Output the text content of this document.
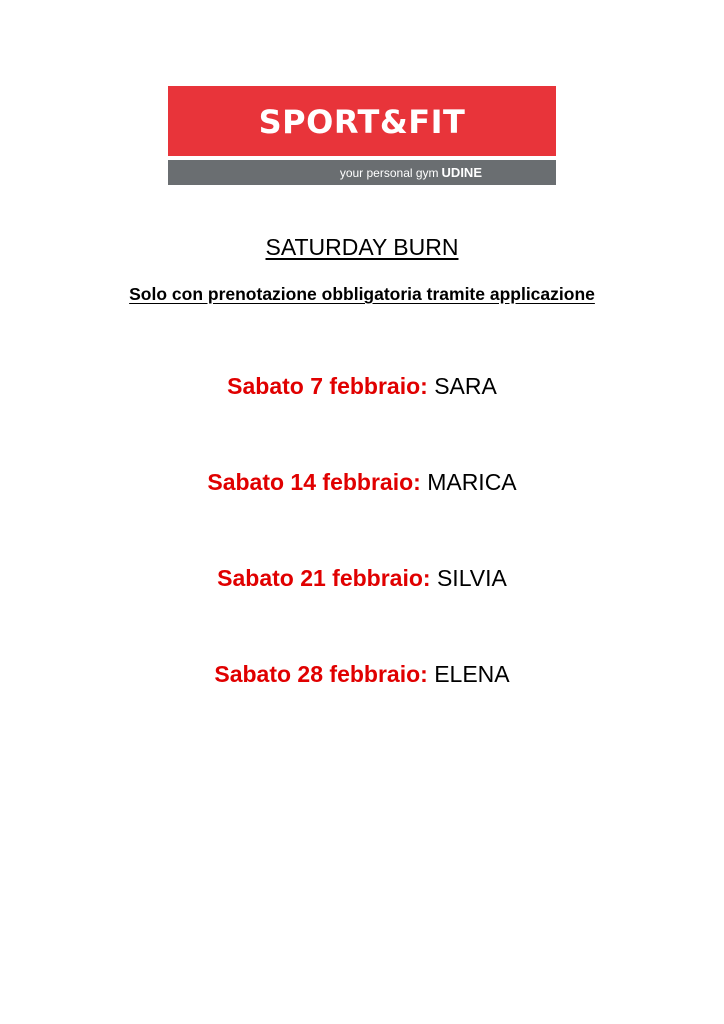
SPORT&FIT
your personal gym UDINE
SATURDAY BURN

Solo con prenotazione obbligatoria tramite applicazione

Sabato 7 febbraio: SARA
Sabato 14 febbraio: MARICA
Sabato 21 febbraio: SILVIA
Sabato 28 febbraio: ELENA
